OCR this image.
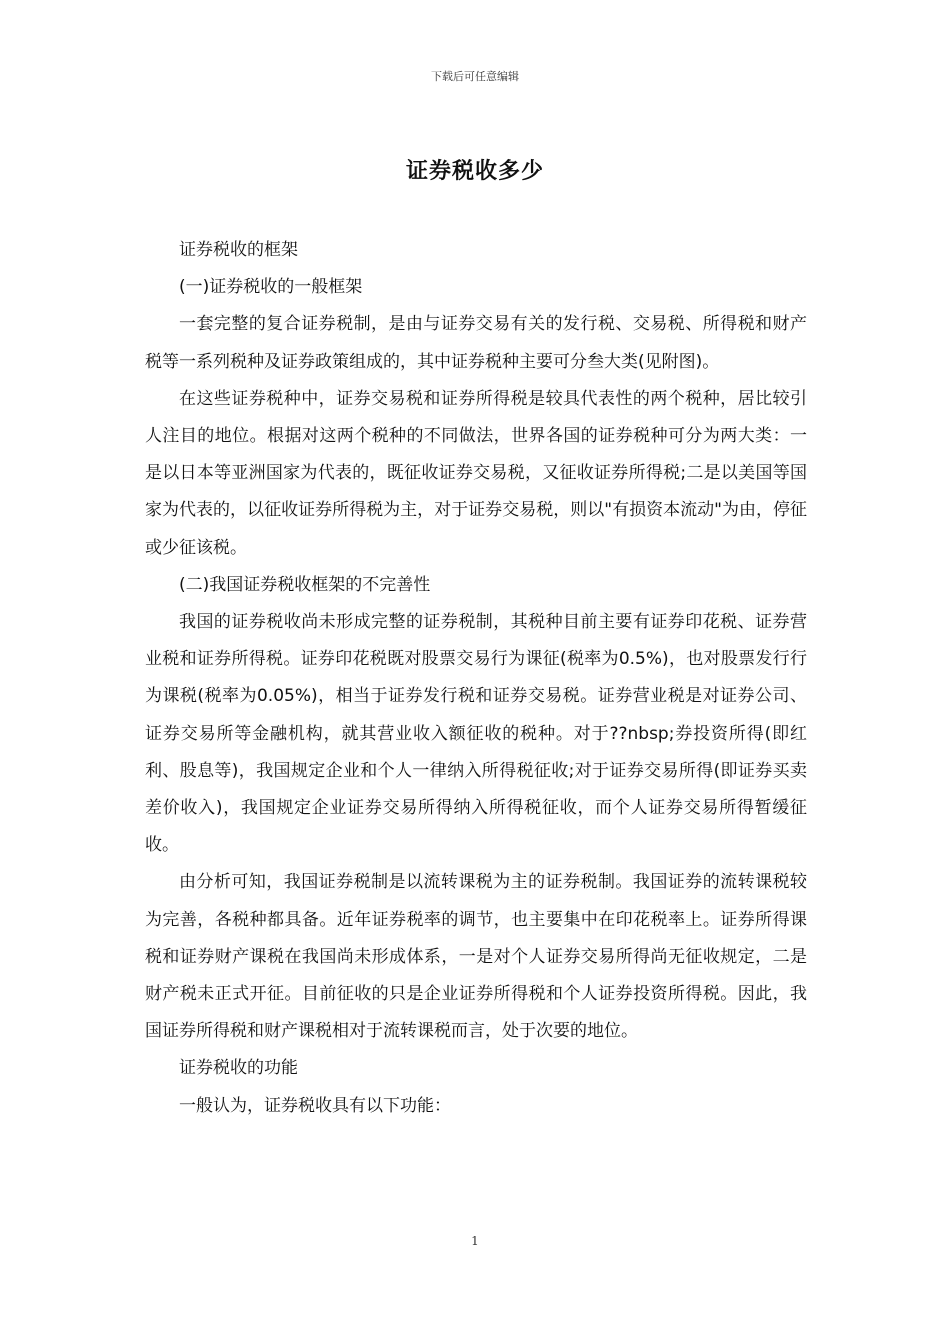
下载后可任意编辑
证券税收多少

证券税收的框架

(一)证券税收的一般框架

一套完整的复合证券税制，是由与证券交易有关的发行税、交易税、所得税和财产税等一系列税种及证券政策组成的，其中证券税种主要可分叁大类(见附图)。

在这些证券税种中，证券交易税和证券所得税是较具代表性的两个税种，居比较引人注目的地位。根据对这两个税种的不同做法，世界各国的证券税种可分为两大类：一是以日本等亚洲国家为代表的，既征收证券交易税，又征收证券所得税;二是以美国等国家为代表的，以征收证券所得税为主，对于证券交易税，则以"有损资本流动"为由，停征或少征该税。

(二)我国证券税收框架的不完善性

我国的证券税收尚未形成完整的证券税制，其税种目前主要有证券印花税、证券营业税和证券所得税。证券印花税既对股票交易行为课征(税率为0.5%)，也对股票发行行为课税(税率为0.05%)，相当于证券发行税和证券交易税。证券营业税是对证券公司、证券交易所等金融机构，就其营业收入额征收的税种。对于??nbsp;券投资所得(即红利、股息等)，我国规定企业和个人一律纳入所得税征收;对于证券交易所得(即证券买卖差价收入)，我国规定企业证券交易所得纳入所得税征收，而个人证券交易所得暂缓征收。

由分析可知，我国证券税制是以流转课税为主的证券税制。我国证券的流转课税较为完善，各税种都具备。近年证券税率的调节，也主要集中在印花税率上。证券所得课税和证券财产课税在我国尚未形成体系，一是对个人证券交易所得尚无征收规定，二是财产税未正式开征。目前征收的只是企业证券所得税和个人证券投资所得税。因此，我国证券所得税和财产课税相对于流转课税而言，处于次要的地位。

证券税收的功能

一般认为，证券税收具有以下功能：

1
